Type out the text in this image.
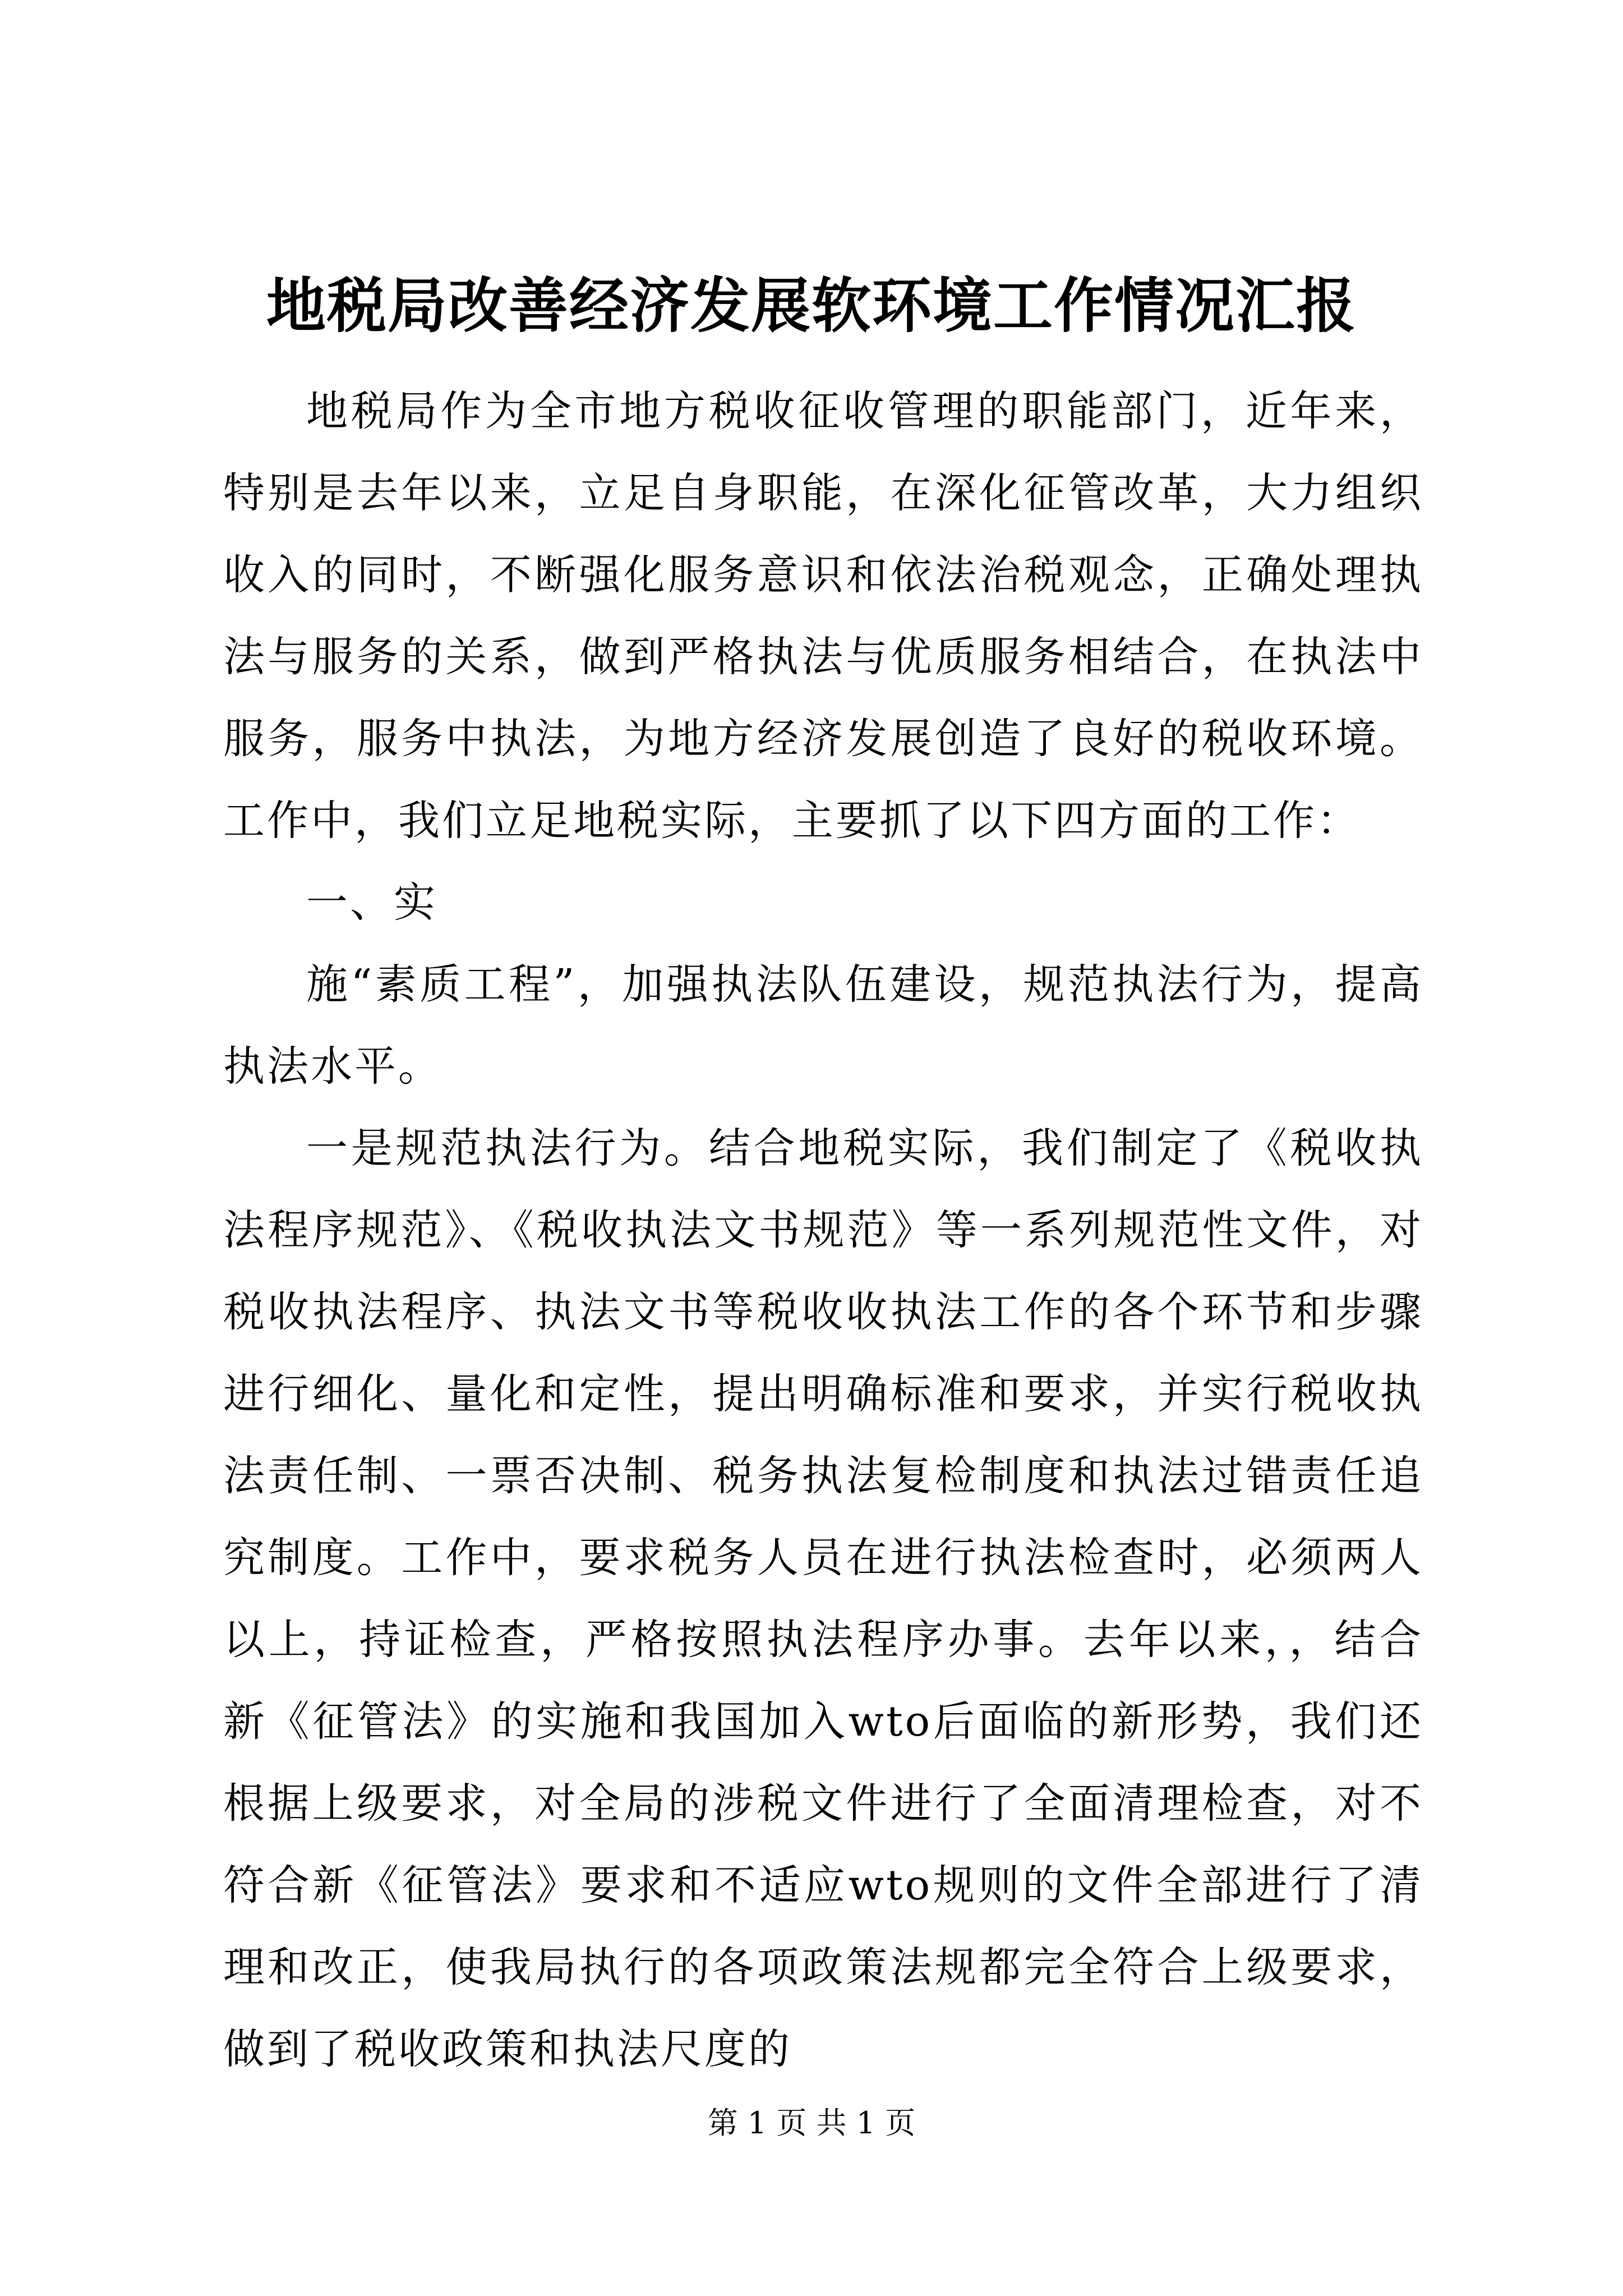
地税局改善经济发展软环境工作情况汇报

地税局作为全市地方税收征收管理的职能部门，近年来，特别是去年以来，立足自身职能，在深化征管改革，大力组织收入的同时，不断强化服务意识和依法治税观念，正确处理执法与服务的关系，做到严格执法与优质服务相结合，在执法中服务，服务中执法，为地方经济发展创造了良好的税收环境。工作中，我们立足地税实际，主要抓了以下四方面的工作：

一、实

施“素质工程”，加强执法队伍建设，规范执法行为，提高执法水平。

一是规范执法行为。结合地税实际，我们制定了《税收执法程序规范》、《税收执法文书规范》等一系列规范性文件，对税收执法程序、执法文书等税收收执法工作的各个环节和步骤进行细化、量化和定性，提出明确标准和要求，并实行税收执法责任制、一票否决制、税务执法复检制度和执法过错责任追究制度。工作中，要求税务人员在进行执法检查时，必须两人以上，持证检查，严格按照执法程序办事。去年以来，，结合新《征管法》的实施和我国加入wto后面临的新形势，我们还根据上级要求，对全局的涉税文件进行了全面清理检查，对不符合新《征管法》要求和不适应wto规则的文件全部进行了清理和改正，使我局执行的各项政策法规都完全符合上级要求，做到了税收政策和执法尺度的

第 1 页 共 1 页
